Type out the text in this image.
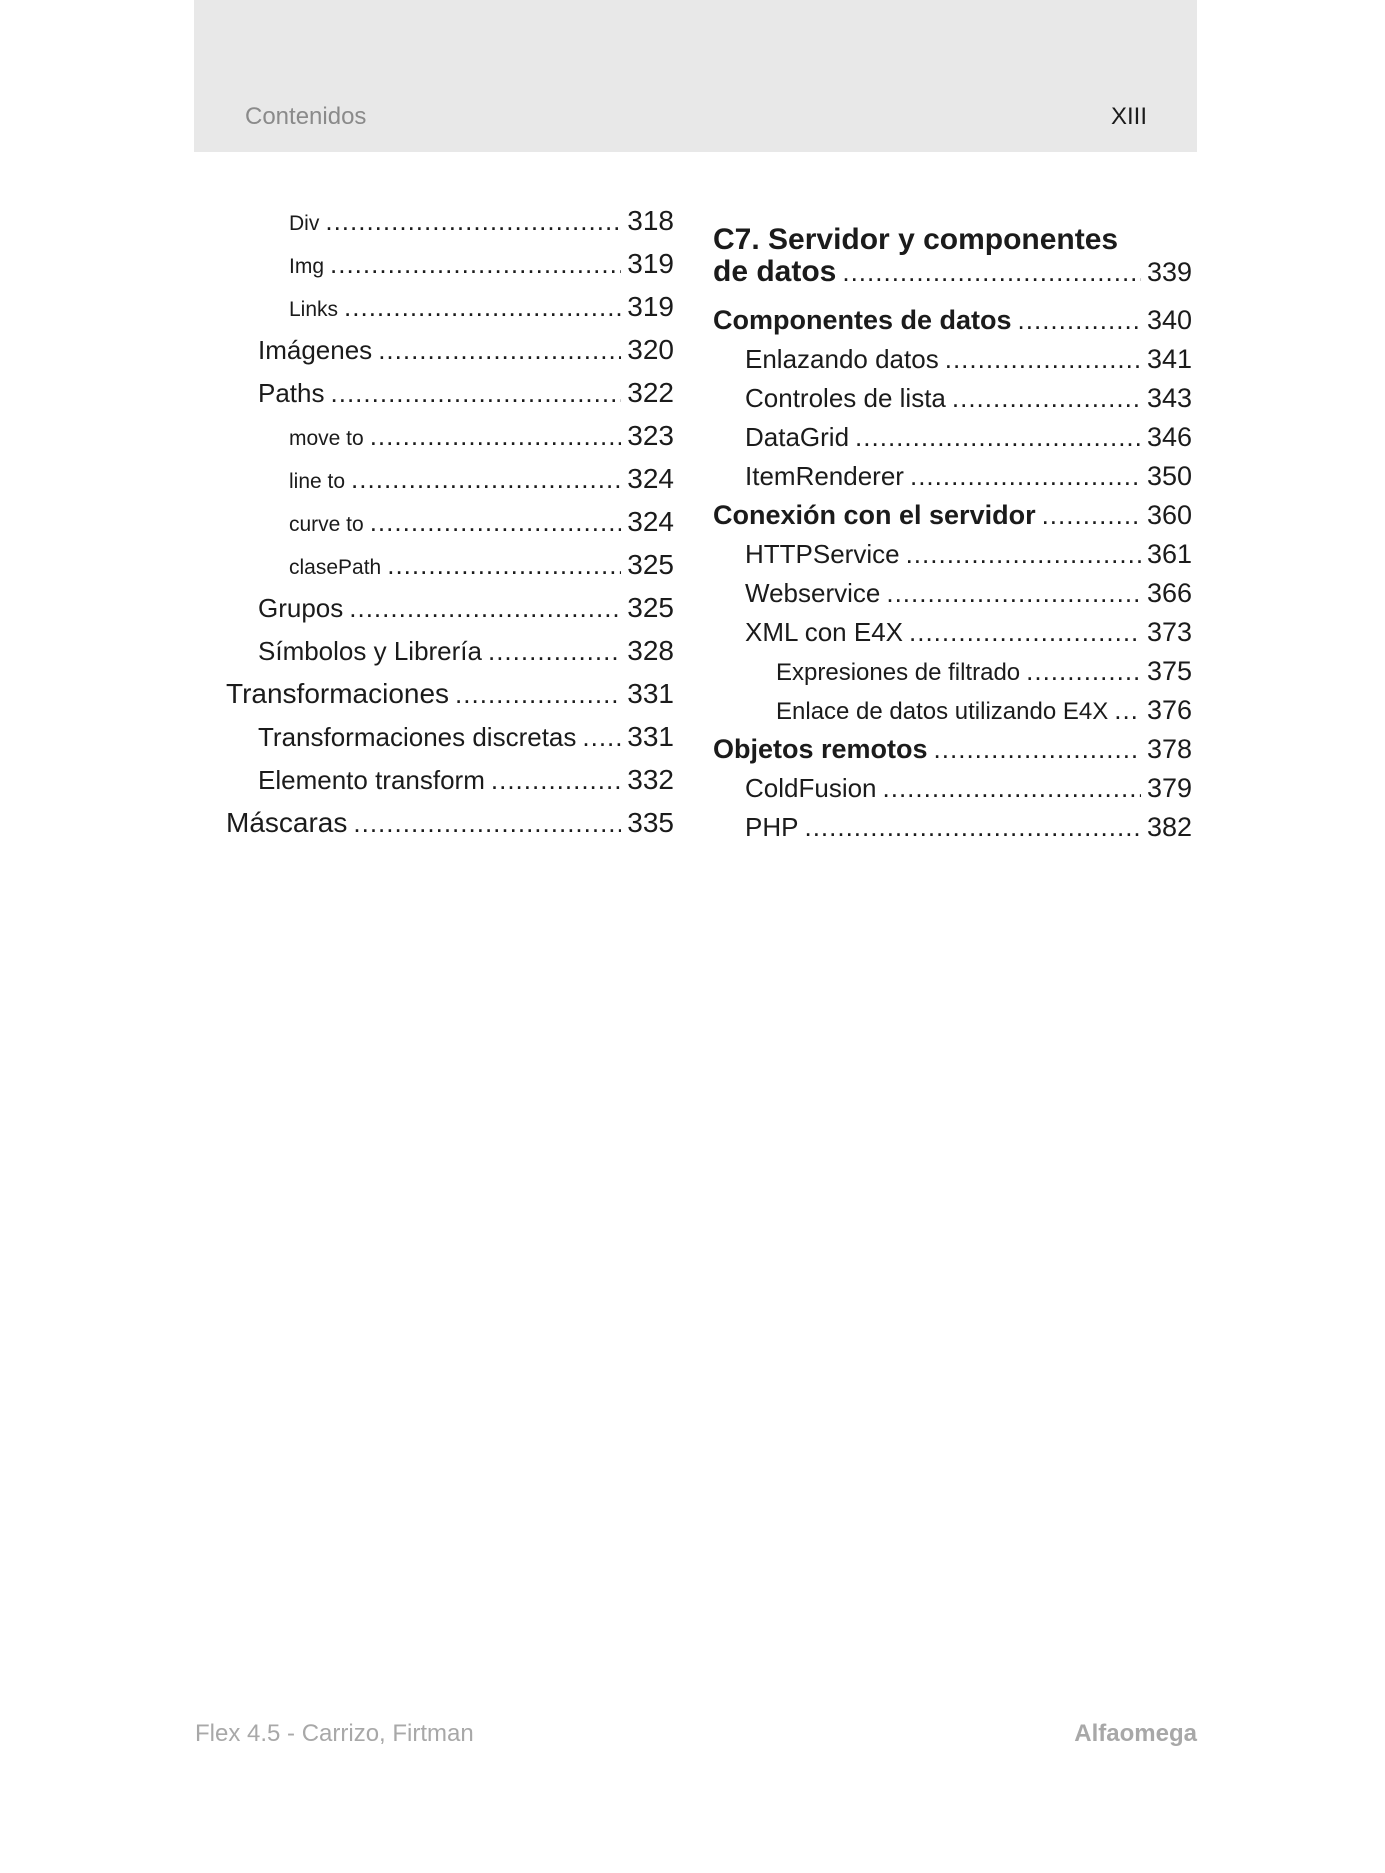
Contenidos	XIII
Div .....	318
Img .....	319
Links .....	319
Imágenes .....	320
Paths .....	322
move to .....	323
line to .....	324
curve to .....	324
clasePath .....	325
Grupos .....	325
Símbolos y Librería .....	328
Transformaciones .....	331
Transformaciones discretas ..... 331
Elemento transform .....	332
Máscaras .....	335
C7. Servidor y componentes
de datos .....	339
Componentes de datos .....	340
Enlazando datos .....	341
Controles de lista .....	343
DataGrid .....	346
ItemRenderer .....	350
Conexión con el servidor .....	360
HTTPService .....	361
Webservice .....	366
XML con E4X .....	373
Expresiones de filtrado .....	375
Enlace de datos utilizando E4X ..... 376
Objetos remotos .....	378
ColdFusion .....	379
PHP .....	382
Flex 4.5 - Carrizo, Firtman	Alfaomega
